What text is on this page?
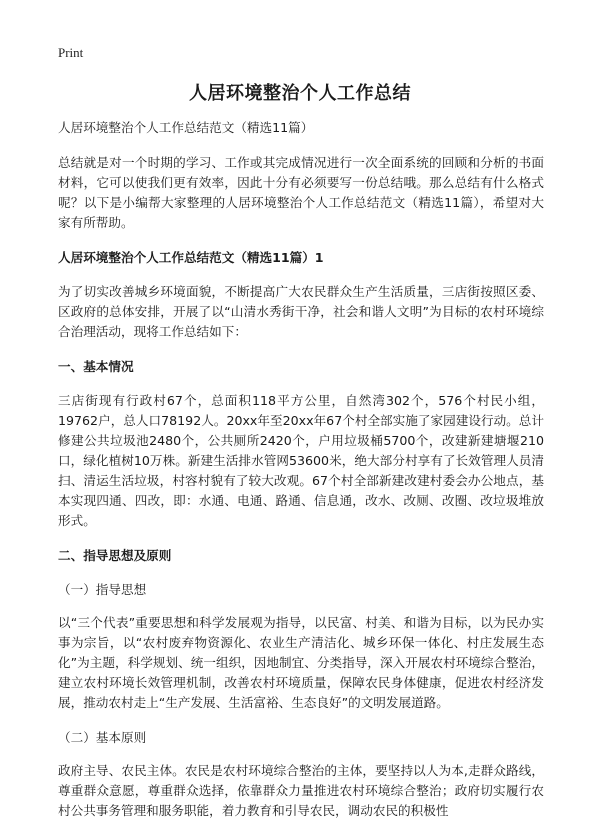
Print
人居环境整治个人工作总结

人居环境整治个人工作总结范文（精选11篇）

总结就是对一个时期的学习、工作或其完成情况进行一次全面系统的回顾和分析的书面材料，它可以使我们更有效率，因此十分有必须要写一份总结哦。那么总结有什么格式呢？以下是小编帮大家整理的人居环境整治个人工作总结范文（精选11篇），希望对大家有所帮助。

人居环境整治个人工作总结范文（精选11篇）1

为了切实改善城乡环境面貌，不断提高广大农民群众生产生活质量，三店街按照区委、区政府的总体安排，开展了以“山清水秀街干净，社会和谐人文明”为目标的农村环境综合治理活动，现将工作总结如下：

一、基本情况

三店街现有行政村67个，总面积118平方公里，自然湾302个，576个村民小组，19762户，总人口78192人。20xx年至20xx年67个村全部实施了家园建设行动。总计修建公共垃圾池2480个，公共厕所2420个，户用垃圾桶5700个，改建新建塘堰210口，绿化植树10万株。新建生活排水管网53600米，绝大部分村享有了长效管理人员清扫、清运生活垃圾，村容村貌有了较大改观。67个村全部新建改建村委会办公地点，基本实现四通、四改，即：水通、电通、路通、信息通，改水、改厕、改圈、改垃圾堆放形式。

二、指导思想及原则

（一）指导思想

以“三个代表”重要思想和科学发展观为指导，以民富、村美、和谐为目标，以为民办实事为宗旨，以“农村废弃物资源化、农业生产清洁化、城乡环保一体化、村庄发展生态化”为主题，科学规划、统一组织，因地制宜、分类指导，深入开展农村环境综合整治，建立农村环境长效管理机制，改善农村环境质量，保障农民身体健康，促进农村经济发展，推动农村走上“生产发展、生活富裕、生态良好”的文明发展道路。

（二）基本原则

政府主导、农民主体。农民是农村环境综合整治的主体，要坚持以人为本,走群众路线，尊重群众意愿，尊重群众选择，依靠群众力量推进农村环境综合整治；政府切实履行农村公共事务管理和服务职能，着力教育和引导农民，调动农民的积极性
